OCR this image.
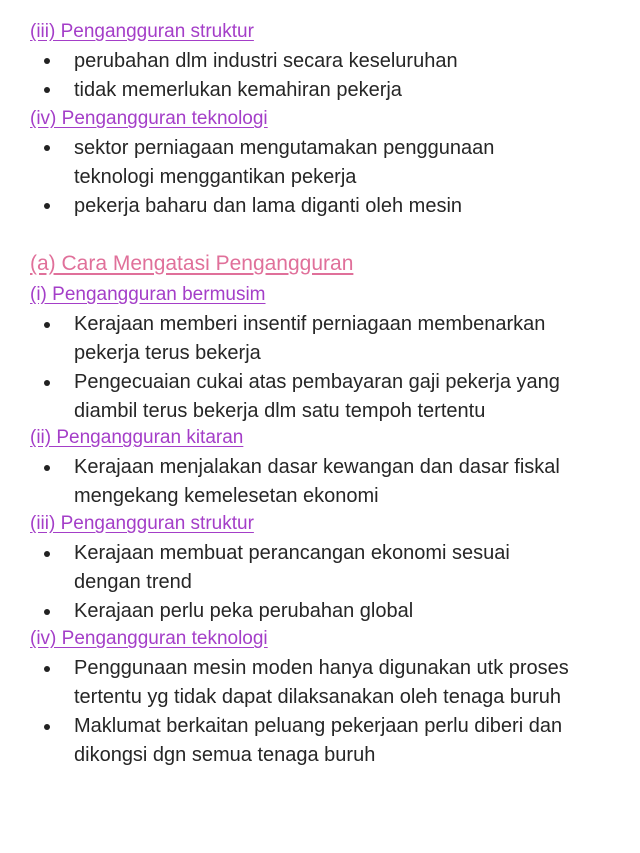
(iii) Pengangguran struktur
perubahan dlm industri secara keseluruhan
tidak memerlukan kemahiran pekerja
(iv) Pengangguran teknologi
sektor perniagaan mengutamakan penggunaan
teknologi menggantikan pekerja
pekerja baharu dan lama diganti oleh mesin
(a) Cara Mengatasi Pengangguran
(i) Pengangguran bermusim
Kerajaan memberi insentif perniagaan membenarkan
pekerja terus bekerja
Pengecuaian cukai atas pembayaran gaji pekerja yang
diambil terus bekerja dlm satu tempoh tertentu
(ii) Pengangguran kitaran
Kerajaan menjalakan dasar kewangan dan dasar fiskal
mengekang kemelesetan ekonomi
(iii) Pengangguran struktur
Kerajaan membuat perancangan ekonomi sesuai
dengan trend
Kerajaan perlu peka perubahan global
(iv) Pengangguran teknologi
Penggunaan mesin moden hanya digunakan utk proses
tertentu yg tidak dapat dilaksanakan oleh tenaga buruh
Maklumat berkaitan peluang pekerjaan perlu diberi dan
dikongsi dgn semua tenaga buruh
